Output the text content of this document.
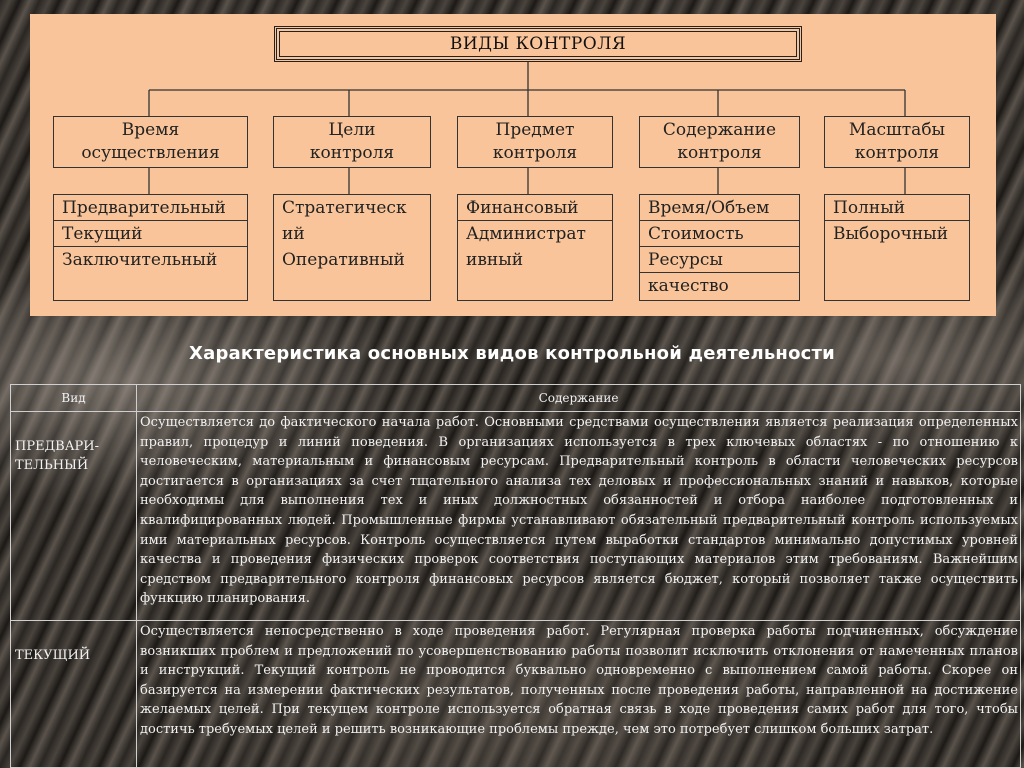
ВИДЫ КОНТРОЛЯ
Время
осуществления
Цели
контроля
Предмет
контроля
Содержание
контроля
Масштабы
контроля
Предварительный
Текущий
Заключительный
Стратегическ
ий
Оперативный
Финансовый
Администрат
ивный
Время/Объем
Стоимость
Ресурсы
качество
Полный
Выборочный
Характеристика основных видов контрольной деятельности
Вид	Содержание

ПРЕДВАРИ-
ТЕЛЬНЫЙ	Осуществляется до фактического начала работ. Основными средствами осуществления является реализация определенных правил, процедур и линий поведения. В организациях используется в трех ключевых областях - по отношению к человеческим, материальным и финансовым ресурсам. Предварительный контроль в области человеческих ресурсов достигается в организациях за счет тщательного анализа тех деловых и профессиональных знаний и навыков, которые необходимы для выполнения тех и иных должностных обязанностей и отбора наиболее подготовленных и квалифицированных людей. Промышленные фирмы устанавливают обязательный предварительный контроль используемых ими материальных ресурсов. Контроль осуществляется путем выработки стандартов минимально допустимых уровней качества и проведения физических проверок соответствия поступающих материалов этим требованиям. Важнейшим средством предварительного контроля финансовых ресурсов является бюджет, который позволяет также осуществить функцию планирования.

ТЕКУЩИЙ	Осуществляется непосредственно в ходе проведения работ. Регулярная проверка работы подчиненных, обсуждение возникших проблем и предложений по усовершенствованию работы позволит исключить отклонения от намеченных планов и инструкций. Текущий контроль не проводится буквально одновременно с выполнением самой работы. Скорее он базируется на измерении фактических результатов, полученных после проведения работы, направленной на достижение желаемых целей. При текущем контроле используется обратная связь в ходе проведения самих работ для того, чтобы достичь требуемых целей и решить возникающие проблемы прежде, чем это потребует слишком больших затрат.
